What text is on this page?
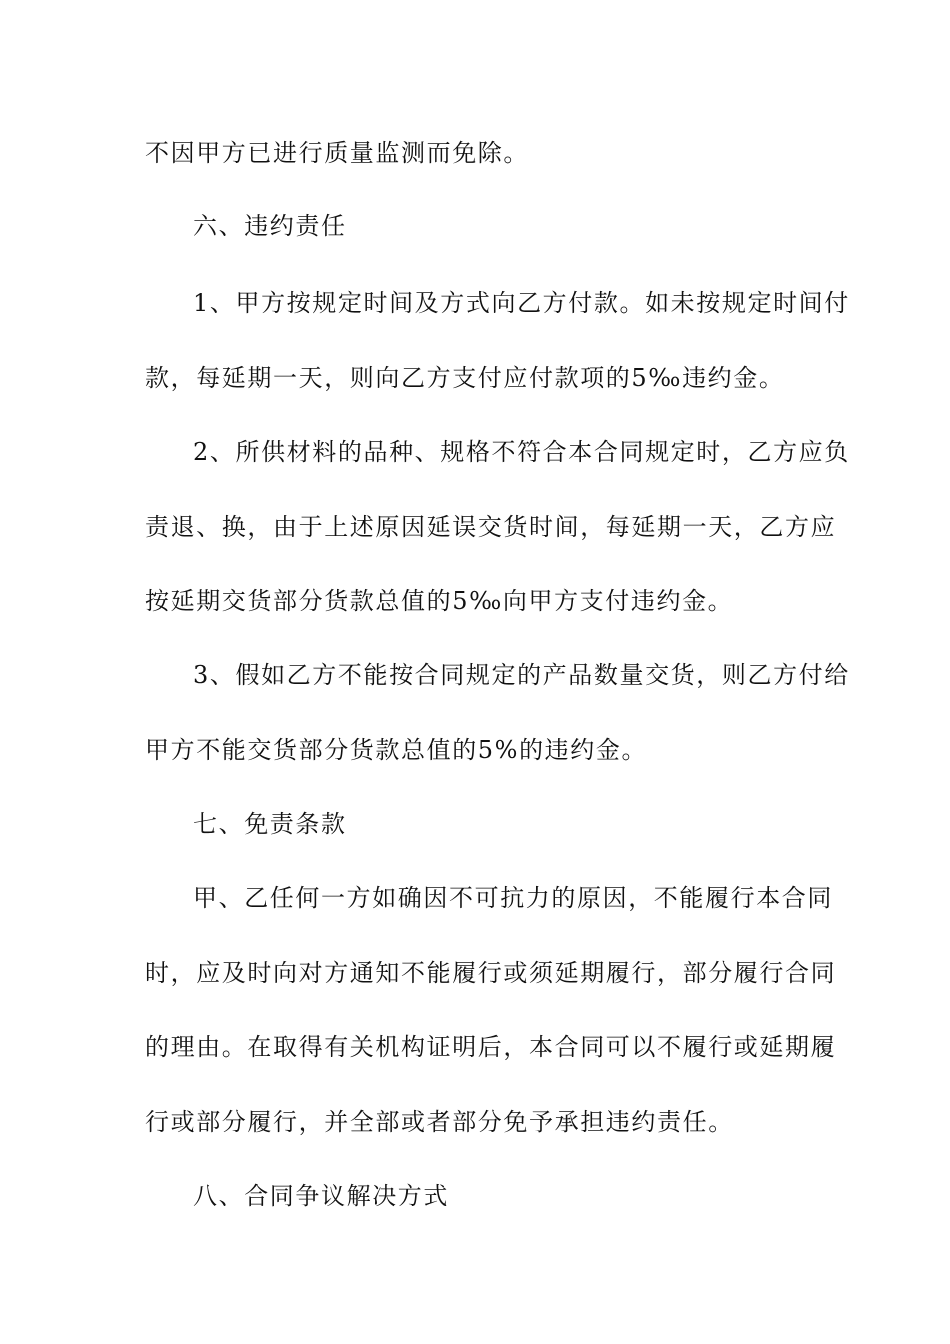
不因甲方已进行质量监测而免除。
六、违约责任
1、甲方按规定时间及方式向乙方付款。如未按规定时间付
款，每延期一天，则向乙方支付应付款项的5‰违约金。
2、所供材料的品种、规格不符合本合同规定时，乙方应负
责退、换，由于上述原因延误交货时间，每延期一天，乙方应
按延期交货部分货款总值的5‰向甲方支付违约金。
3、假如乙方不能按合同规定的产品数量交货，则乙方付给
甲方不能交货部分货款总值的5%的违约金。
七、免责条款
甲、乙任何一方如确因不可抗力的原因，不能履行本合同
时，应及时向对方通知不能履行或须延期履行，部分履行合同
的理由。在取得有关机构证明后，本合同可以不履行或延期履
行或部分履行，并全部或者部分免予承担违约责任。
八、合同争议解决方式
